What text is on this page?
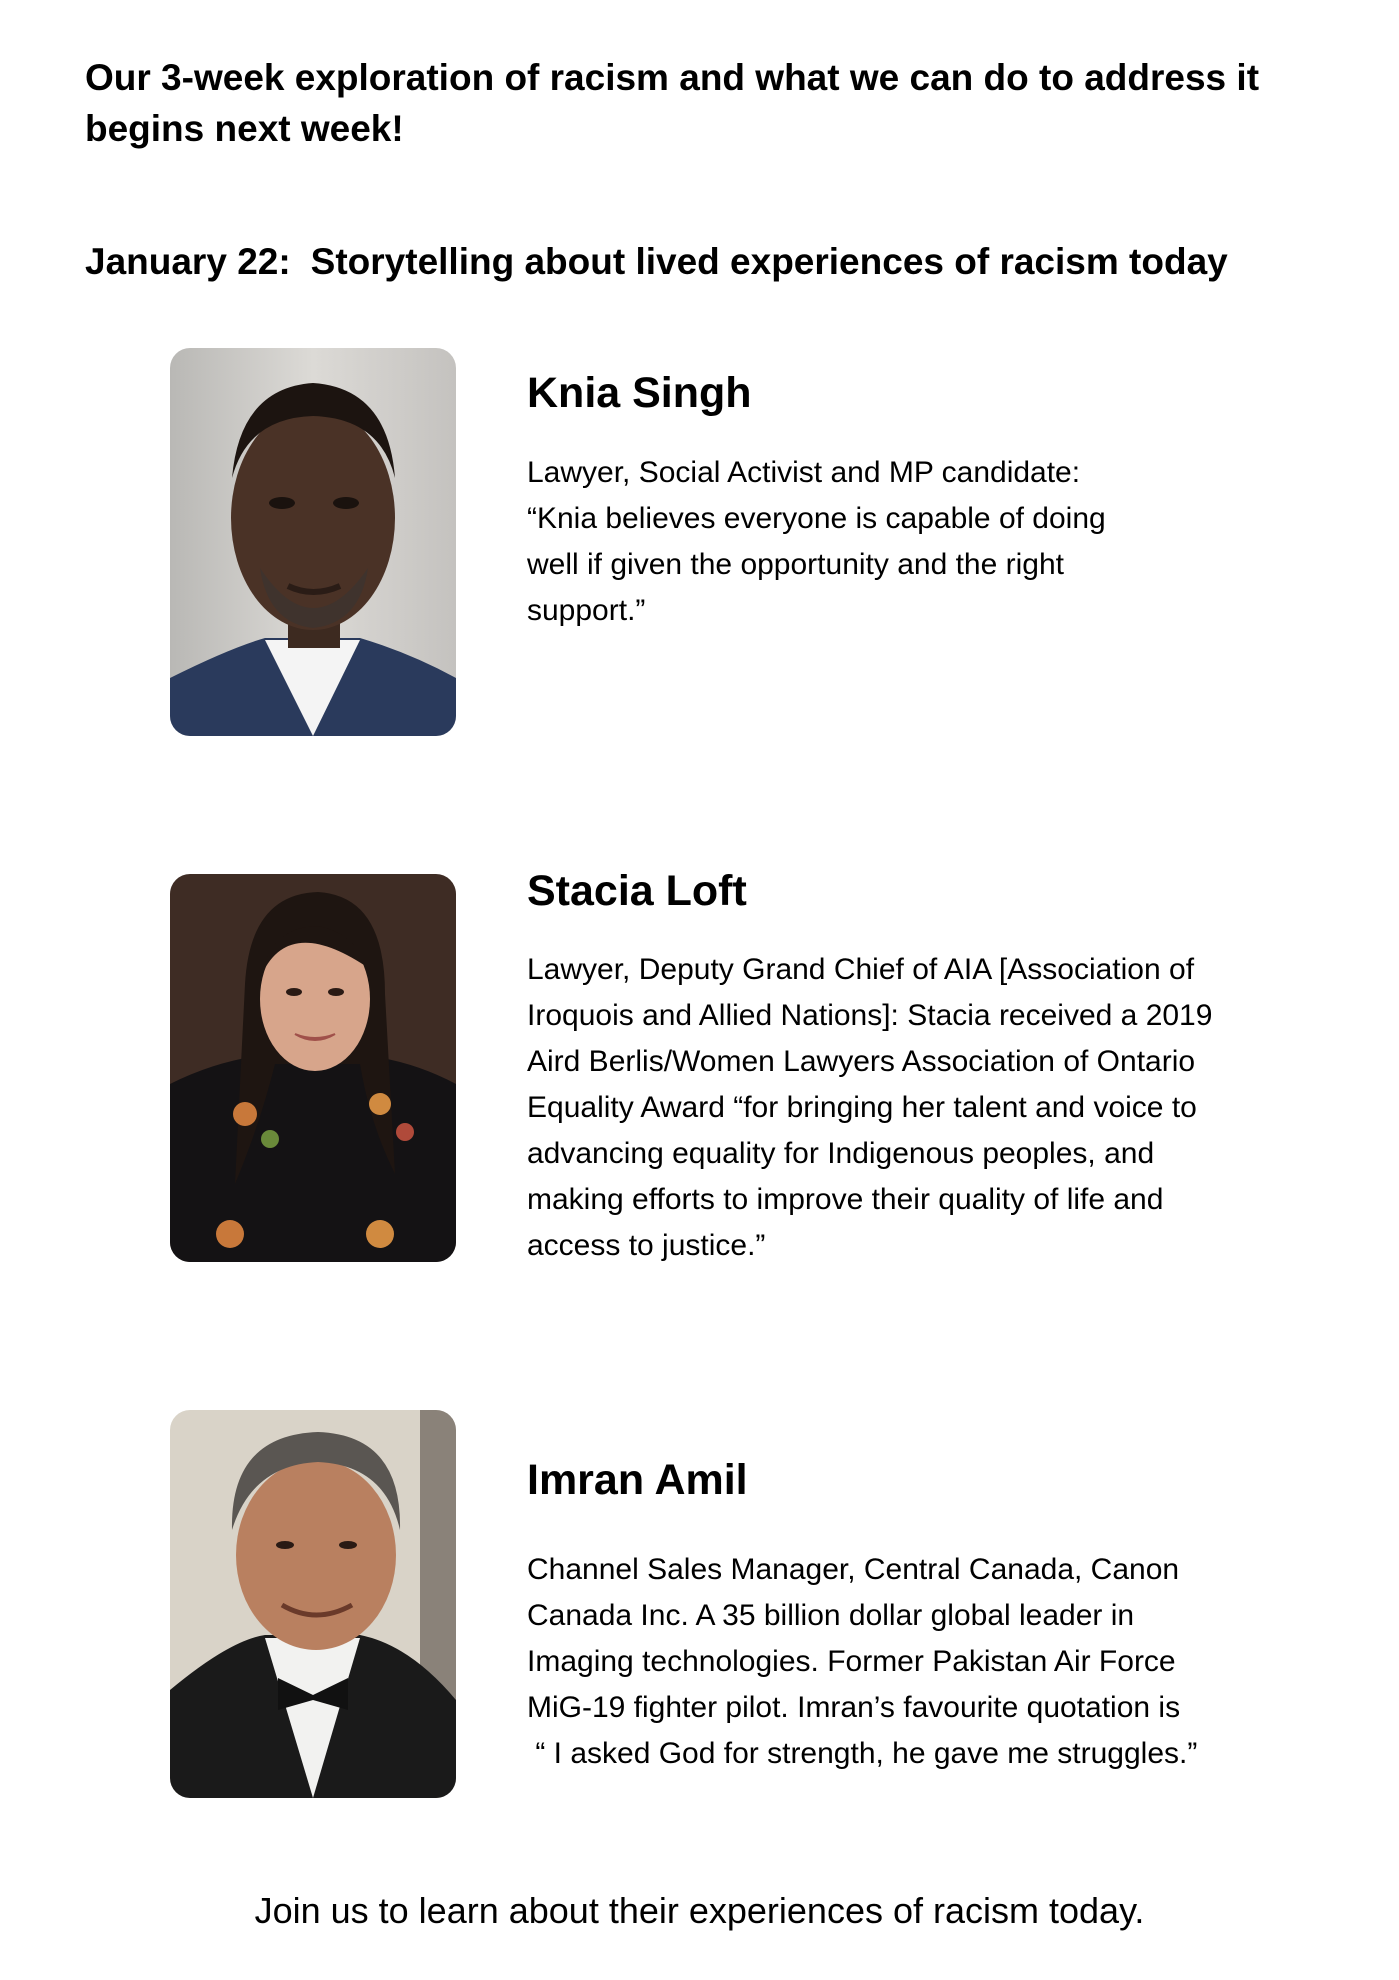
Our 3-week exploration of racism and what we can do to address it begins next week!

January 22: Storytelling about lived experiences of racism today

Knia Singh

Lawyer, Social Activist and MP candidate:
“Knia believes everyone is capable of doing
well if given the opportunity and the right
support.”

Stacia Loft

Lawyer, Deputy Grand Chief of AIA [Association of
Iroquois and Allied Nations]: Stacia received a 2019
Aird Berlis/Women Lawyers Association of Ontario
Equality Award “for bringing her talent and voice to
advancing equality for Indigenous peoples, and
making efforts to improve their quality of life and
access to justice.”

Imran Amil

Channel Sales Manager, Central Canada, Canon
Canada Inc. A 35 billion dollar global leader in
Imaging technologies. Former Pakistan Air Force
MiG-19 fighter pilot. Imran’s favourite quotation is
“ I asked God for strength, he gave me struggles.”

Join us to learn about their experiences of racism today.
